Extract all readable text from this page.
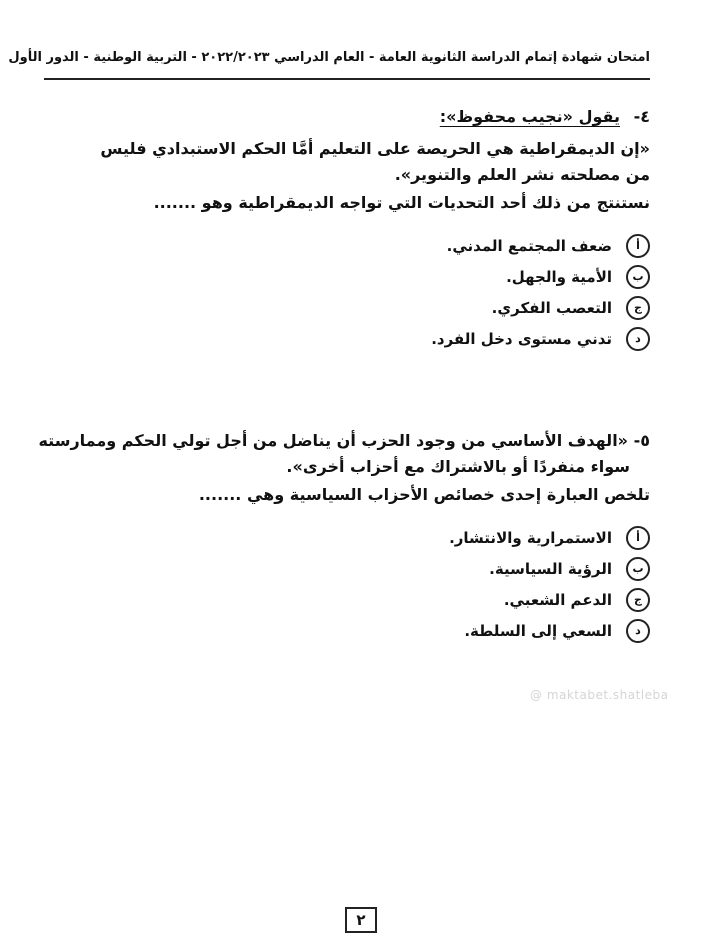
امتحان شهادة إتمام الدراسة الثانوية العامة - العام الدراسي ٢٠٢٢/٢٠٢٣ - التربية الوطنية - الدور الأول
٤- يقول «نجيب محفوظ»:
«إن الديمقراطية هي الحريصة على التعليم أمَّا الحكم الاستبدادي فليس
من مصلحته نشر العلم والتنوير».
نستنتج من ذلك أحد التحديات التي تواجه الديمقراطية وهو .......
أ
ضعف المجتمع المدني.
ب
الأمية والجهل.
ج
التعصب الفكري.
د
تدني مستوى دخل الفرد.
٥- «الهدف الأساسي من وجود الحزب أن يناضل من أجل تولي الحكم وممارسته
سواء منفردًا أو بالاشتراك مع أحزاب أخرى».
تلخص العبارة إحدى خصائص الأحزاب السياسية وهي .......
أ
الاستمرارية والانتشار.
ب
الرؤية السياسية.
ج
الدعم الشعبي.
د
السعي إلى السلطة.
@ maktabet.shatleba
٢
